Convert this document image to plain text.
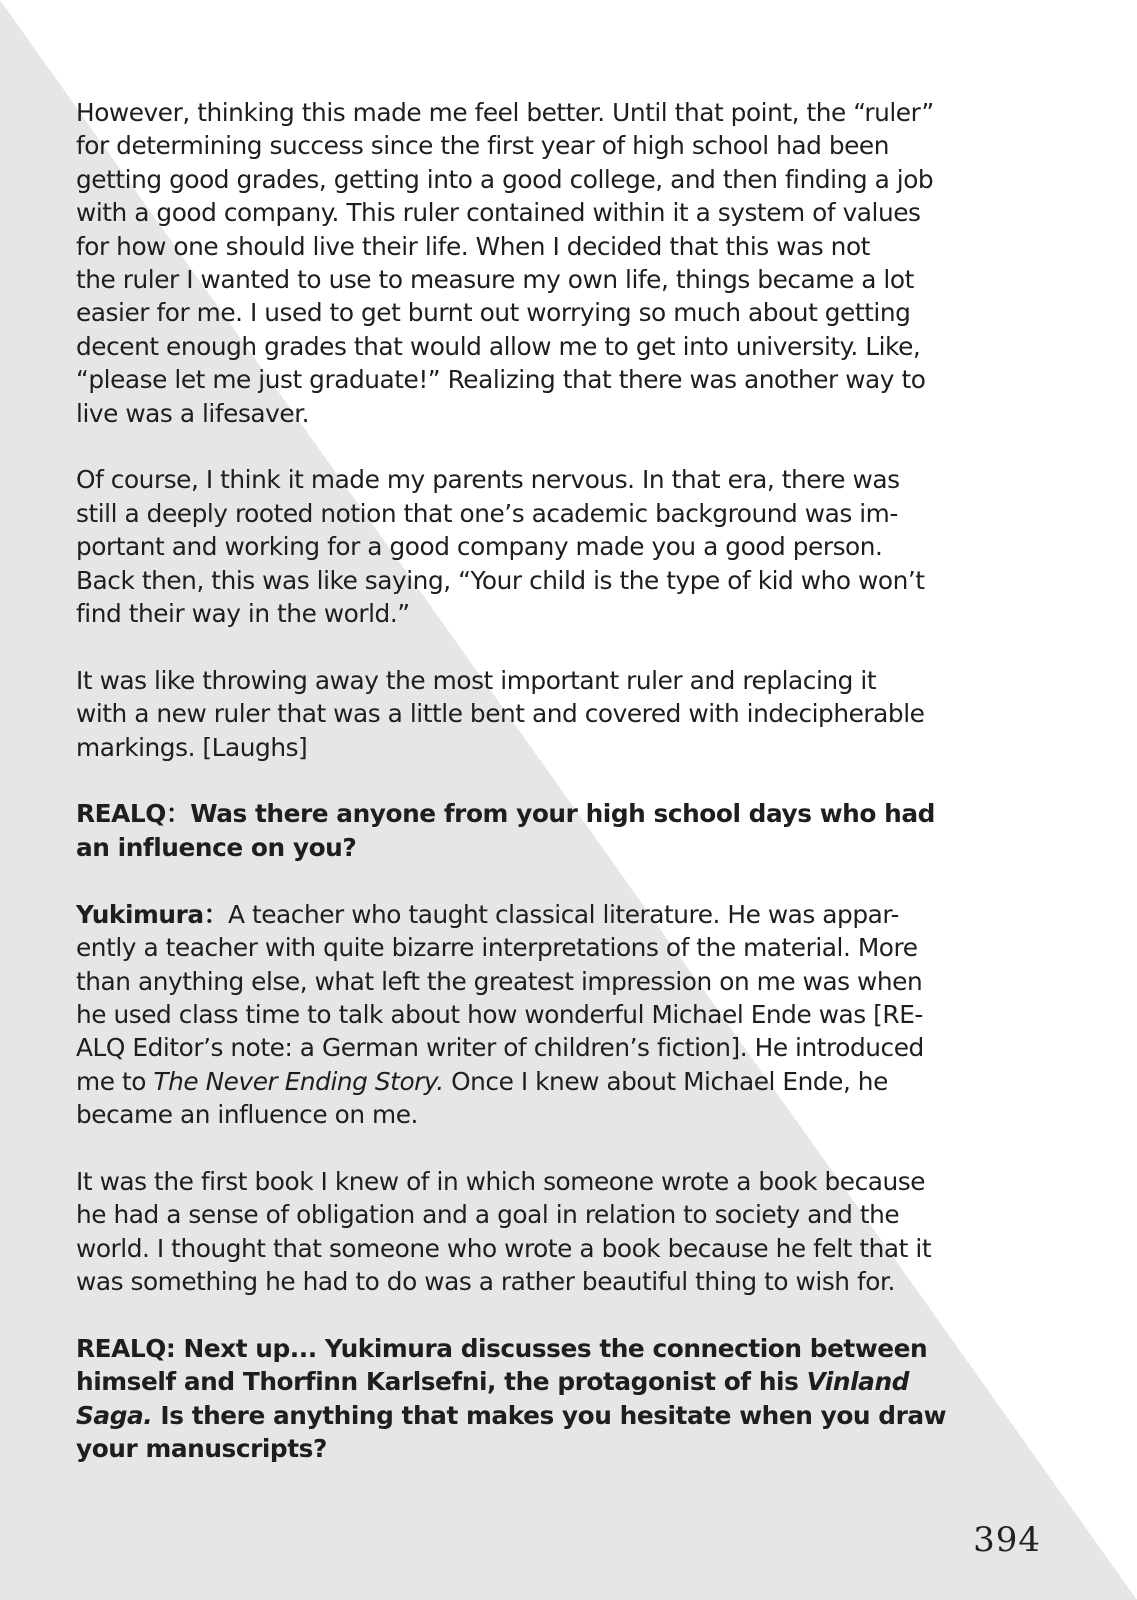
However, thinking this made me feel better. Until that point, the “ruler”
for determining success since the first year of high school had been
getting good grades, getting into a good college, and then finding a job
with a good company. This ruler contained within it a system of values
for how one should live their life. When I decided that this was not
the ruler I wanted to use to measure my own life, things became a lot
easier for me. I used to get burnt out worrying so much about getting
decent enough grades that would allow me to get into university. Like,
“please let me just graduate!” Realizing that there was another way to
live was a lifesaver.

Of course, I think it made my parents nervous. In that era, there was
still a deeply rooted notion that one’s academic background was im-
portant and working for a good company made you a good person.
Back then, this was like saying, “Your child is the type of kid who won’t
find their way in the world.”

It was like throwing away the most important ruler and replacing it
with a new ruler that was a little bent and covered with indecipherable
markings. [Laughs]

REALQ：Was there anyone from your high school days who had
an influence on you?

Yukimura：A teacher who taught classical literature. He was appar-
ently a teacher with quite bizarre interpretations of the material. More
than anything else, what left the greatest impression on me was when
he used class time to talk about how wonderful Michael Ende was [RE-
ALQ Editor’s note: a German writer of children’s fiction]. He introduced
me to The Never Ending Story. Once I knew about Michael Ende, he
became an influence on me.

It was the first book I knew of in which someone wrote a book because
he had a sense of obligation and a goal in relation to society and the
world. I thought that someone who wrote a book because he felt that it
was something he had to do was a rather beautiful thing to wish for.

REALQ: Next up... Yukimura discusses the connection between
himself and Thorfinn Karlsefni, the protagonist of his Vinland
Saga. Is there anything that makes you hesitate when you draw
your manuscripts?

394
